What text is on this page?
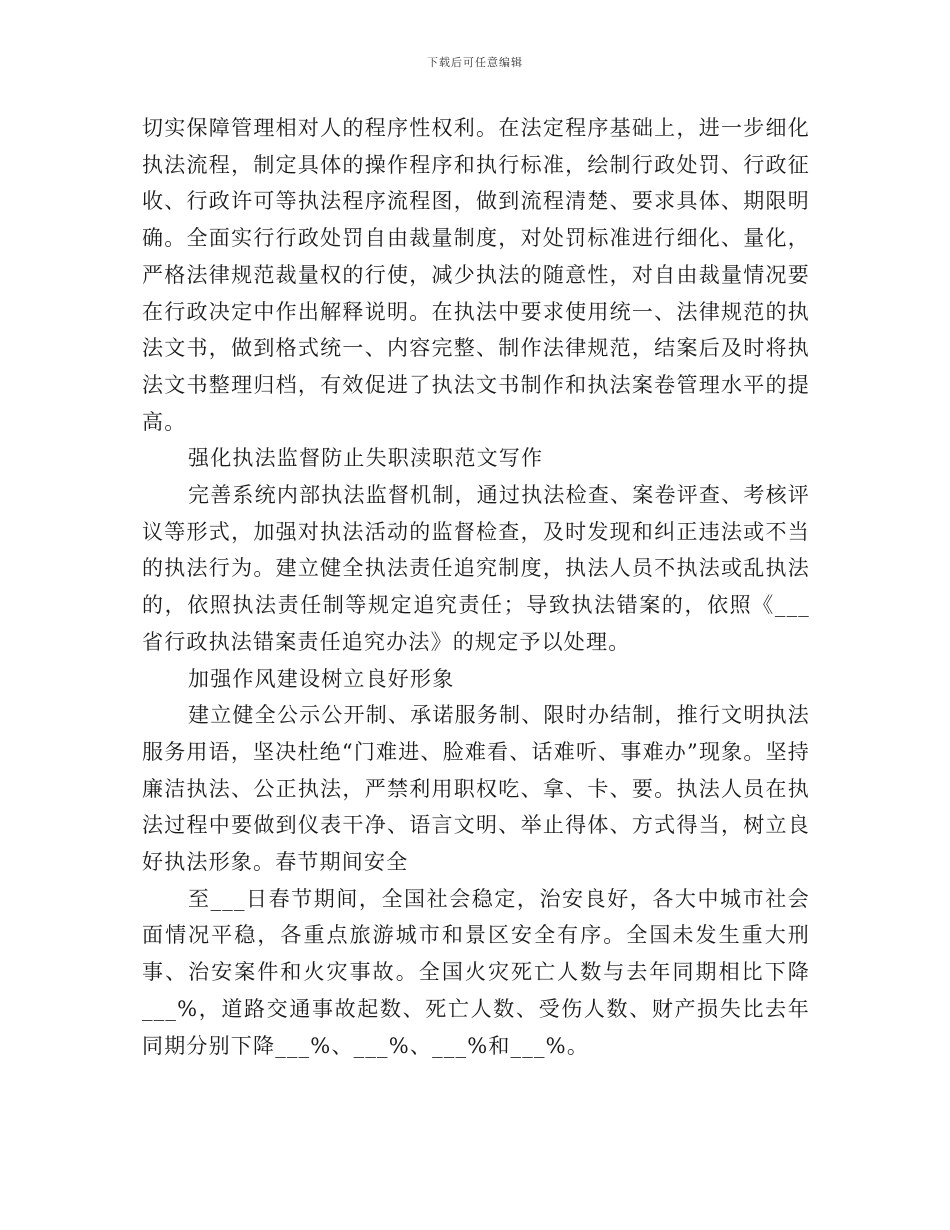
下载后可任意编辑

切实保障管理相对人的程序性权利。在法定程序基础上，进一步细化执法流程，制定具体的操作程序和执行标准，绘制行政处罚、行政征收、行政许可等执法程序流程图，做到流程清楚、要求具体、期限明确。全面实行行政处罚自由裁量制度，对处罚标准进行细化、量化，严格法律规范裁量权的行使，减少执法的随意性，对自由裁量情况要在行政决定中作出解释说明。在执法中要求使用统一、法律规范的执法文书，做到格式统一、内容完整、制作法律规范，结案后及时将执法文书整理归档，有效促进了执法文书制作和执法案卷管理水平的提高。

强化执法监督防止失职渎职范文写作

完善系统内部执法监督机制，通过执法检查、案卷评查、考核评议等形式，加强对执法活动的监督检查，及时发现和纠正违法或不当的执法行为。建立健全执法责任追究制度，执法人员不执法或乱执法的，依照执法责任制等规定追究责任；导致执法错案的，依照《___省行政执法错案责任追究办法》的规定予以处理。

加强作风建设树立良好形象

建立健全公示公开制、承诺服务制、限时办结制，推行文明执法服务用语，坚决杜绝“门难进、脸难看、话难听、事难办”现象。坚持廉洁执法、公正执法，严禁利用职权吃、拿、卡、要。执法人员在执法过程中要做到仪表干净、语言文明、举止得体、方式得当，树立良好执法形象。春节期间安全

至___日春节期间，全国社会稳定，治安良好，各大中城市社会面情况平稳，各重点旅游城市和景区安全有序。全国未发生重大刑事、治安案件和火灾事故。全国火灾死亡人数与去年同期相比下降___%，道路交通事故起数、死亡人数、受伤人数、财产损失比去年同期分别下降___%、___%、___%和___%。
